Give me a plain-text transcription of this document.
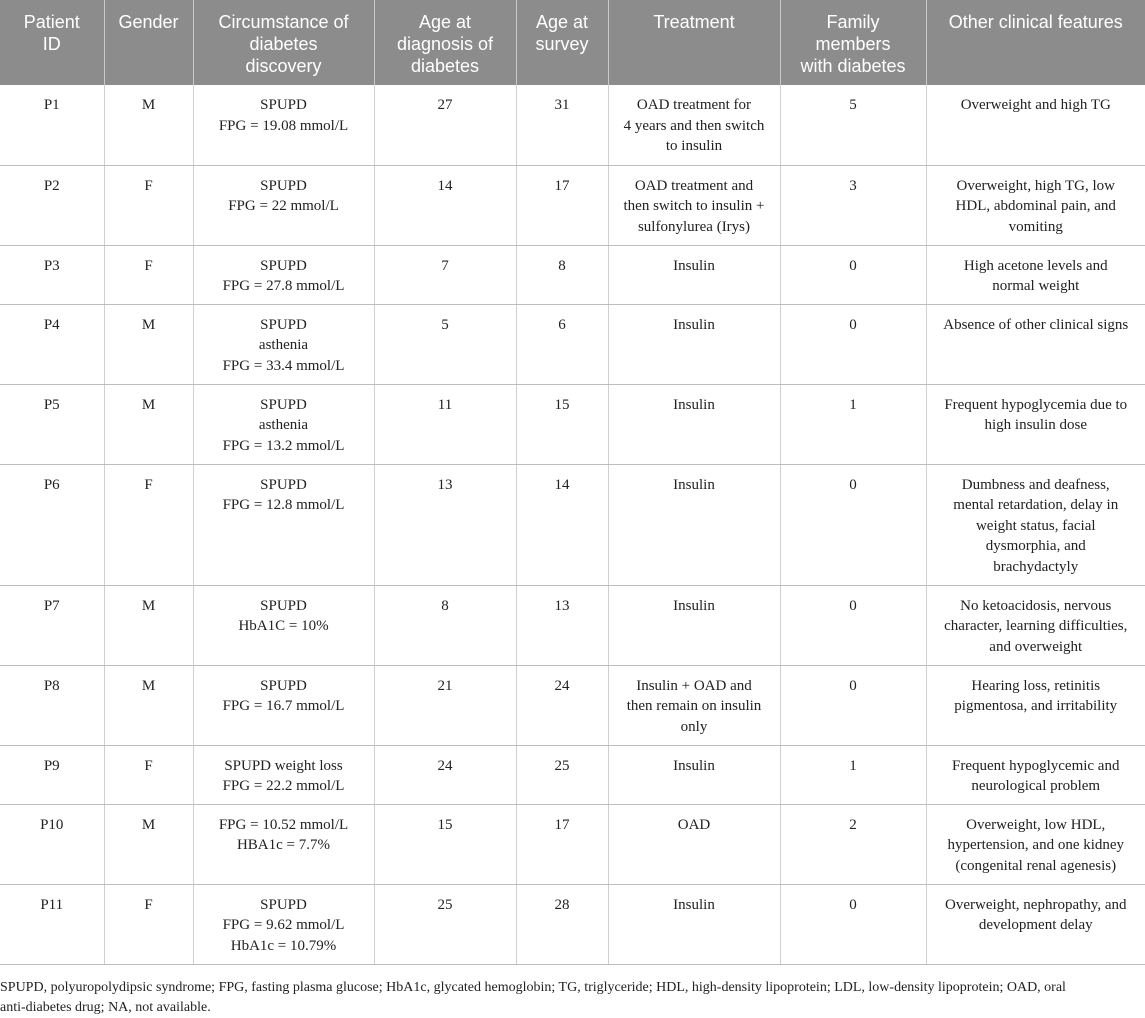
Patient
ID	Gender	Circumstance of
diabetes
discovery	Age at
diagnosis of
diabetes	Age at
survey	Treatment	Family
members
with diabetes	Other clinical features

P1	M	SPUPD
FPG = 19.08 mmol/L	27	31	OAD treatment for
4 years and then switch
to insulin	5	Overweight and high TG

P2	F	SPUPD
FPG = 22 mmol/L	14	17	OAD treatment and
then switch to insulin +
sulfonylurea (Irys)	3	Overweight, high TG, low
HDL, abdominal pain, and
vomiting

P3	F	SPUPD
FPG = 27.8 mmol/L	7	8	Insulin	0	High acetone levels and
normal weight

P4	M	SPUPD
asthenia
FPG = 33.4 mmol/L	5	6	Insulin	0	Absence of other clinical signs

P5	M	SPUPD
asthenia
FPG = 13.2 mmol/L	11	15	Insulin	1	Frequent hypoglycemia due to
high insulin dose

P6	F	SPUPD
FPG = 12.8 mmol/L	13	14	Insulin	0	Dumbness and deafness,
mental retardation, delay in
weight status, facial
dysmorphia, and
brachydactyly

P7	M	SPUPD
HbA1C = 10%	8	13	Insulin	0	No ketoacidosis, nervous
character, learning difficulties,
and overweight

P8	M	SPUPD
FPG = 16.7 mmol/L	21	24	Insulin + OAD and
then remain on insulin
only	0	Hearing loss, retinitis
pigmentosa, and irritability

P9	F	SPUPD weight loss
FPG = 22.2 mmol/L	24	25	Insulin	1	Frequent hypoglycemic and
neurological problem

P10	M	FPG = 10.52 mmol/L
HBA1c = 7.7%	15	17	OAD	2	Overweight, low HDL,
hypertension, and one kidney
(congenital renal agenesis)

P11	F	SPUPD
FPG = 9.62 mmol/L
HbA1c = 10.79%	25	28	Insulin	0	Overweight, nephropathy, and
development delay
SPUPD, polyuropolydipsic syndrome; FPG, fasting plasma glucose; HbA1c, glycated hemoglobin; TG, triglyceride; HDL, high-density lipoprotein; LDL, low-density lipoprotein; OAD, oral
anti-diabetes drug; NA, not available.
